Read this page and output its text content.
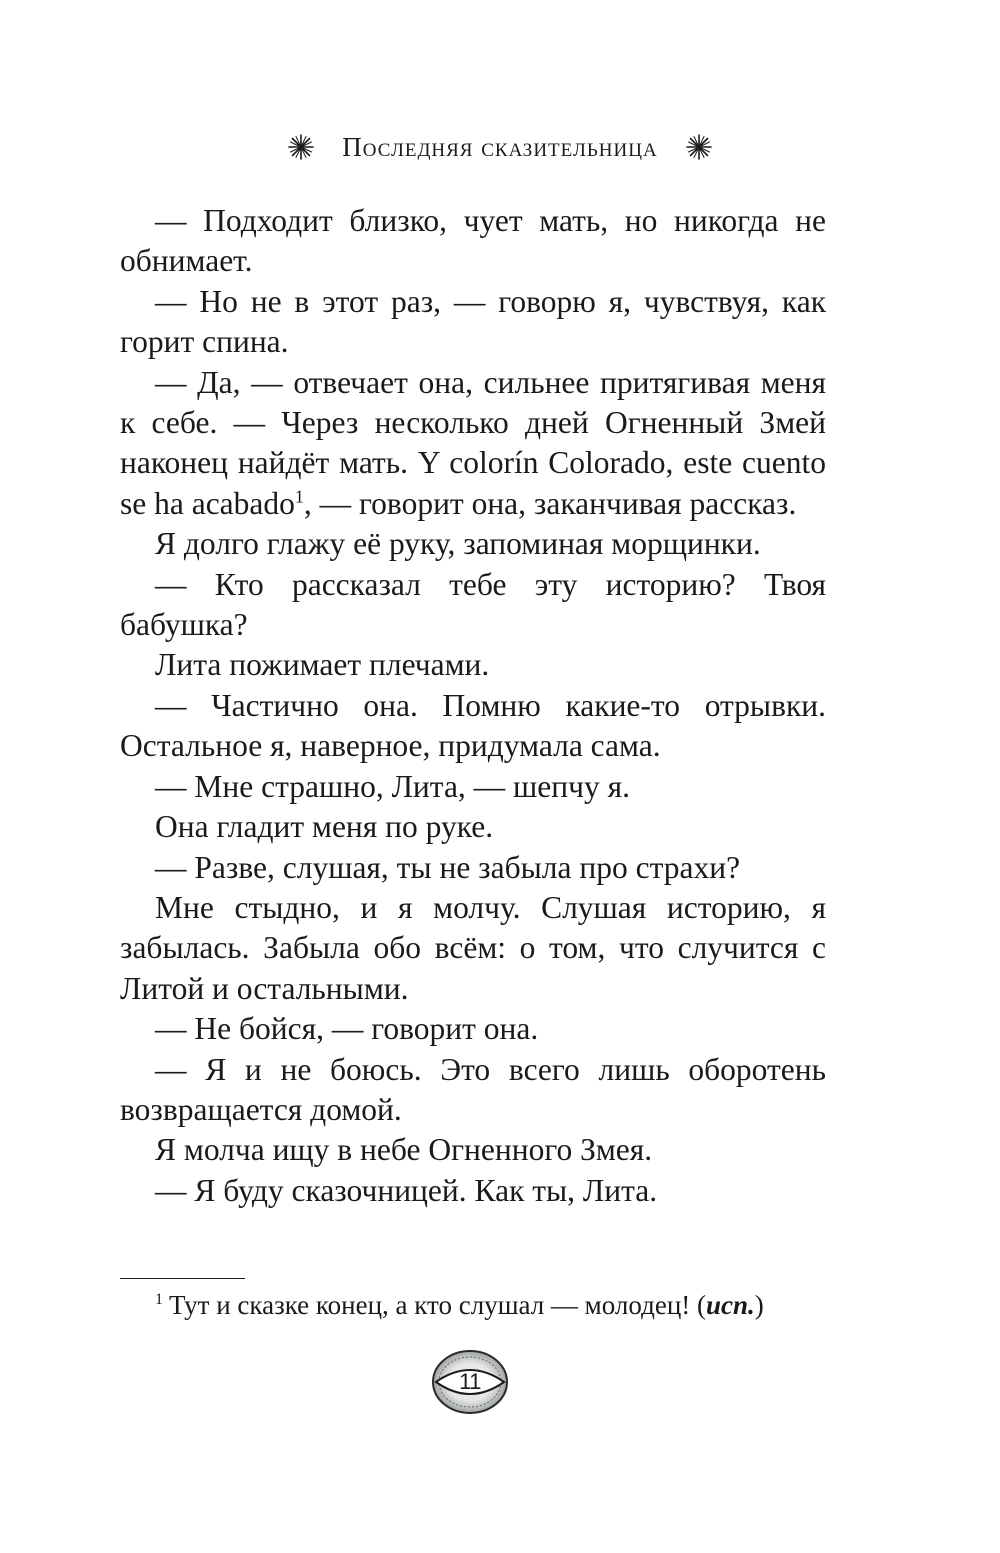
Последняя сказительница

— Подходит близко, чует мать, но никогда не обнимает.

— Но не в этот раз, — говорю я, чувствуя, как горит спина.

— Да, — отвечает она, сильнее притягивая меня к себе. — Через несколько дней Огненный Змей наконец найдёт мать. Y colorín Colorado, este cuento se ha acabado$^1$, — говорит она, заканчивая рассказ.

Я долго глажу её руку, запоминая морщинки.

— Кто рассказал тебе эту историю? Твоя бабушка?

Лита пожимает плечами.

— Частично она. Помню какие-то отрывки. Остальное я, наверное, придумала сама.

— Мне страшно, Лита, — шепчу я.

Она гладит меня по руке.

— Разве, слушая, ты не забыла про страхи?

Мне стыдно, и я молчу. Слушая историю, я забылась. Забыла обо всём: о том, что случится с Литой и остальными.

— Не бойся, — говорит она.

— Я и не боюсь. Это всего лишь оборотень возвращается домой.

Я молча ищу в небе Огненного Змея.

— Я буду сказочницей. Как ты, Лита.

$^1$ Тут и сказке конец, а кто слушал — молодец! (исп.)
11
